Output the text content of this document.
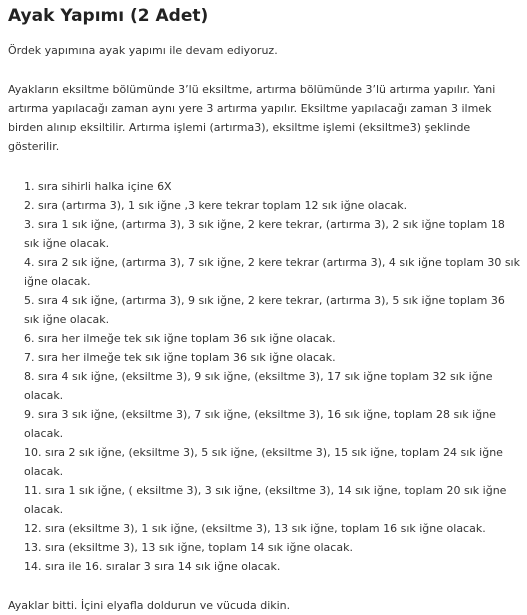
Ayak Yapımı (2 Adet)

Ördek yapımına ayak yapımı ile devam ediyoruz.

Ayakların eksiltme bölümünde 3’lü eksiltme, artırma bölümünde 3’lü artırma yapılır. Yani artırma yapılacağı zaman aynı yere 3 artırma yapılır. Eksiltme yapılacağı zaman 3 ilmek birden alınıp eksiltilir. Artırma işlemi (artırma3), eksiltme işlemi (eksiltme3) şeklinde gösterilir.

1. sıra sihirli halka içine 6X
2. sıra (artırma 3), 1 sık iğne ,3 kere tekrar toplam 12 sık iğne olacak.
3. sıra 1 sık iğne, (artırma 3), 3 sık iğne, 2 kere tekrar, (artırma 3), 2 sık iğne toplam 18 sık iğne olacak.
4. sıra 2 sık iğne, (artırma 3), 7 sık iğne, 2 kere tekrar (artırma 3), 4 sık iğne toplam 30 sık iğne olacak.
5. sıra 4 sık iğne, (artırma 3), 9 sık iğne, 2 kere tekrar, (artırma 3), 5 sık iğne toplam 36 sık iğne olacak.
6. sıra her ilmeğe tek sık iğne toplam 36 sık iğne olacak.
7. sıra her ilmeğe tek sık iğne toplam 36 sık iğne olacak.
8. sıra 4 sık iğne, (eksiltme 3), 9 sık iğne, (eksiltme 3), 17 sık iğne toplam 32 sık iğne olacak.
9. sıra 3 sık iğne, (eksiltme 3), 7 sık iğne, (eksiltme 3), 16 sık iğne, toplam 28 sık iğne olacak.
10. sıra 2 sık iğne, (eksiltme 3), 5 sık iğne, (eksiltme 3), 15 sık iğne, toplam 24 sık iğne olacak.
11. sıra 1 sık iğne, ( eksiltme 3), 3 sık iğne, (eksiltme 3), 14 sık iğne, toplam 20 sık iğne olacak.
12. sıra (eksiltme 3), 1 sık iğne, (eksiltme 3), 13 sık iğne, toplam 16 sık iğne olacak.
13. sıra (eksiltme 3), 13 sık iğne, toplam 14 sık iğne olacak.
14. sıra ile 16. sıralar 3 sıra 14 sık iğne olacak.

Ayaklar bitti. İçini elyafla doldurun ve vücuda dikin.
